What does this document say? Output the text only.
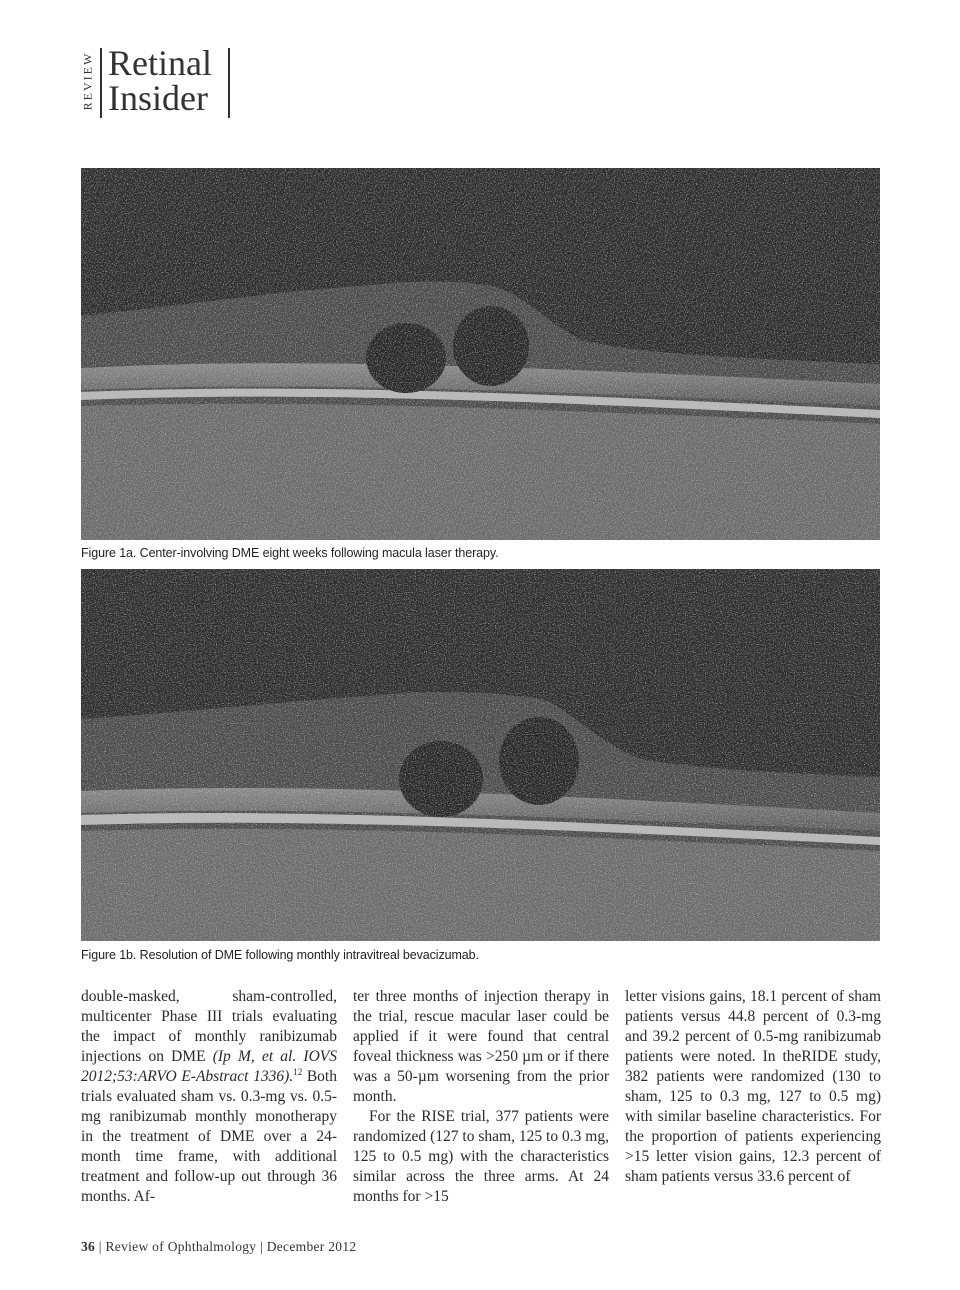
REVIEW Retinal
Insider
Figure 1a. Center-involving DME eight weeks following macula laser therapy.
Figure 1b. Resolution of DME following monthly intravitreal bevacizumab.

double-masked, sham-controlled, multicenter Phase III trials evaluating the impact of monthly ranibizumab injections on DME (Ip M, et al. IOVS 2012;53:ARVO E-Abstract 1336).$^{12}$ Both trials evaluated sham vs. 0.3-mg vs. 0.5-mg ranibizumab monthly monotherapy in the treatment of DME over a 24-month time frame, with additional treatment and follow-up out through 36 months. Af-

ter three months of injection therapy in the trial, rescue macular laser could be applied if it were found that central foveal thickness was >250 µm or if there was a 50-µm worsening from the prior month.

For the RISE trial, 377 patients were randomized (127 to sham, 125 to 0.3 mg, 125 to 0.5 mg) with the characteristics similar across the three arms. At 24 months for >15

letter visions gains, 18.1 percent of sham patients versus 44.8 percent of 0.3-mg and 39.2 percent of 0.5-mg ranibizumab patients were noted. In theRIDE study, 382 patients were randomized (130 to sham, 125 to 0.3 mg, 127 to 0.5 mg) with similar baseline characteristics. For the proportion of patients experiencing >15 letter vision gains, 12.3 percent of sham patients versus 33.6 percent of

36 | Review of Ophthalmology | December 2012
